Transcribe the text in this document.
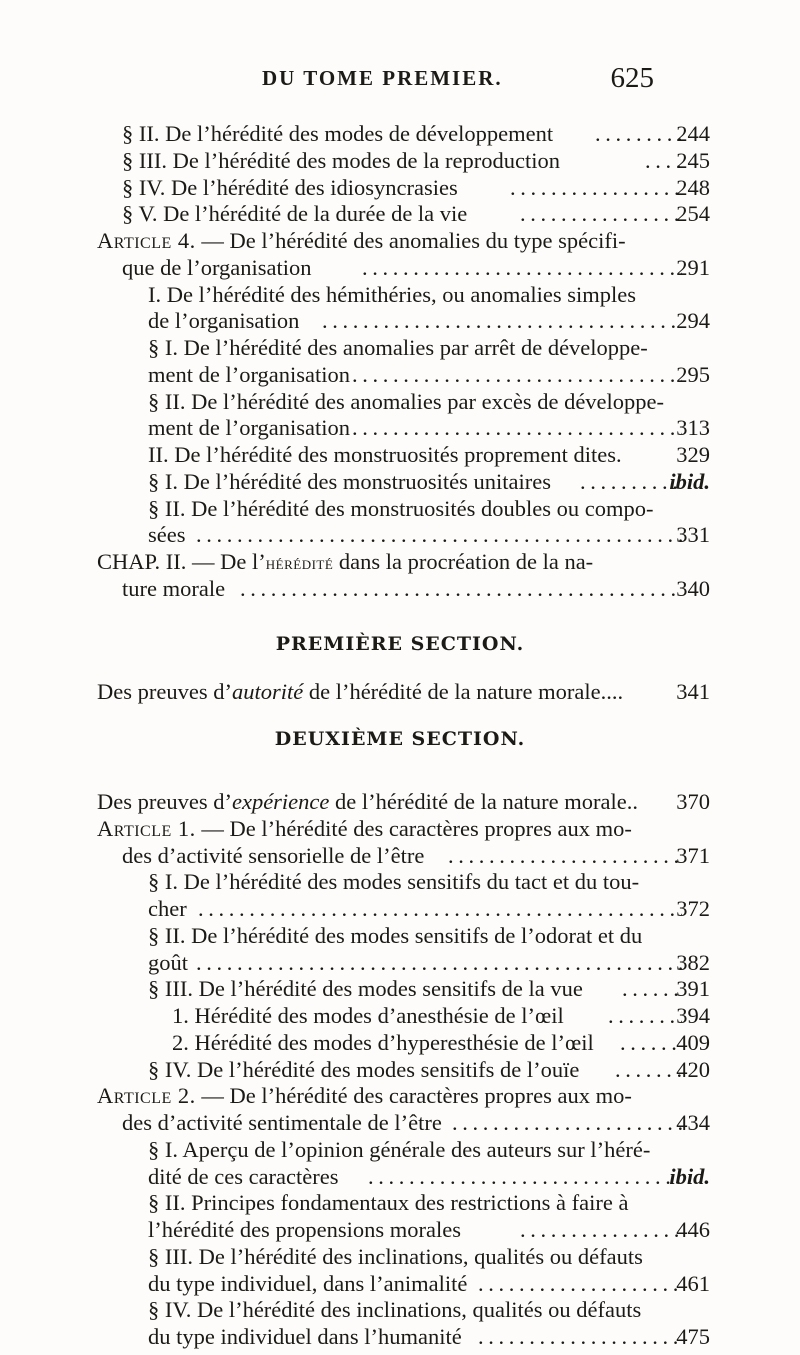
DU TOME PREMIER.	625
§ II. De l’hérédité des modes de développement . . .	244
§ III. De l’hérédité des modes de la reproduction . . .	245
§ IV. De l’hérédité des idiosyncrasies . . .	248
§ V. De l’hérédité de la durée de la vie . . .	254
Article 4. — De l’hérédité des anomalies du type spécifi-
que de l’organisation . . .	291
I. De l’hérédité des hémithéries, ou anomalies simples
de l’organisation . . .	294
§ I. De l’hérédité des anomalies par arrêt de développe-
ment de l’organisation . . .	295
§ II. De l’hérédité des anomalies par excès de développe-
ment de l’organisation . . .	313
II. De l’hérédité des monstruosités proprement dites. 329
§ I. De l’hérédité des monstruosités unitaires . . .	ibid.
§ II. De l’hérédité des monstruosités doubles ou compo-
sées . . .	331
CHAP. II. — De l’hérédité dans la procréation de la na-
ture morale . . .	340
PREMIÈRE SECTION.
Des preuves d’autorité de l’hérédité de la nature morale.... 341
DEUXIÈME SECTION.
Des preuves d’expérience de l’hérédité de la nature morale.. 370
Article 1. — De l’hérédité des caractères propres aux mo-
des d’activité sensorielle de l’être . . .	371
§ I. De l’hérédité des modes sensitifs du tact et du tou-
cher . . .	372
§ II. De l’hérédité des modes sensitifs de l’odorat et du
goût . . .	382
§ III. De l’hérédité des modes sensitifs de la vue . . .	391
1. Hérédité des modes d’anesthésie de l’œil . . .	394
2. Hérédité des modes d’hyperesthésie de l’œil . . .	409
§ IV. De l’hérédité des modes sensitifs de l’ouïe . . .	420
Article 2. — De l’hérédité des caractères propres aux mo-
des d’activité sentimentale de l’être . . .	434
§ I. Aperçu de l’opinion générale des auteurs sur l’héré-
dité de ces caractères . . .	ibid.
§ II. Principes fondamentaux des restrictions à faire à
l’hérédité des propensions morales . . .	446
§ III. De l’hérédité des inclinations, qualités ou défauts
du type individuel, dans l’animalité . . .	461
§ IV. De l’hérédité des inclinations, qualités ou défauts
du type individuel dans l’humanité . . .	475
